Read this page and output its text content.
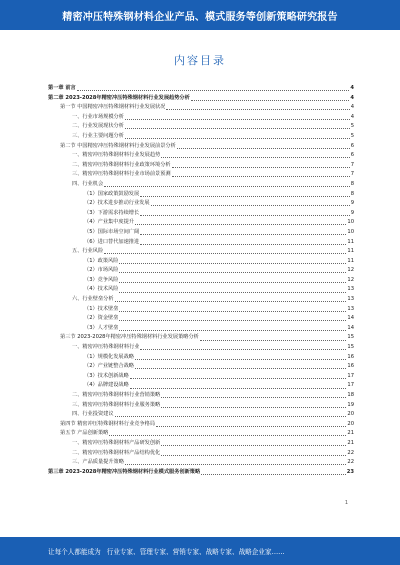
精密冲压特殊钢材料企业产品、模式服务等创新策略研究报告
内容目录
第一章 前言	4
第二章 2023-2028年精密冲压特殊钢材料行业发展趋势分析	4
第一节 中国精密冲压特殊钢材料行业发展状况	4
一、行业市场规模分析	4
二、行业发展现状分析	5
三、行业主要问题分析	5
第二节 中国精密冲压特殊钢材料行业发展前景分析	6
一、精密冲压特殊钢材料行业发展趋势	6
二、精密冲压特殊钢材料行业政策环境分析	7
三、精密冲压特殊钢材料行业市场前景预测	7
四、行业机会	8
（1）国家政策鼓励发展	8
（2）技术进步推动行业发展	9
（3）下游需求持续增长	9
（4）产业集中度提升	10
（5）国际市场空间广阔	10
（6）进口替代加速推进	11
五、行业风险	11
（1）政策风险	11
（2）市场风险	12
（3）竞争风险	12
（4）技术风险	13
六、行业壁垒分析	13
（1）技术壁垒	13
（2）资金壁垒	14
（3）人才壁垒	14
第三节 2023-2028年精密冲压特殊钢材料行业发展策略分析	15
一、精密冲压特殊钢材料行业	15
（1）规模化发展战略	16
（2）产业链整合战略	16
（3）技术创新战略	17
（4）品牌建设战略	17
二、精密冲压特殊钢材料行业营销策略	18
三、精密冲压特殊钢材料行业服务策略	19
四、行业投资建议	20
第四节 精密冲压特殊钢材料行业竞争格局	20
第五节 产品创新策略	21
一、精密冲压特殊钢材料产品研发创新	21
二、精密冲压特殊钢材料产品结构优化	22
三、产品质量提升策略	22
第三章 2023-2028年精密冲压特殊钢材料行业模式服务创新策略	23
1
让每个人都能成为 行业专家、管理专家、营销专家、战略专家、战略企业家……
